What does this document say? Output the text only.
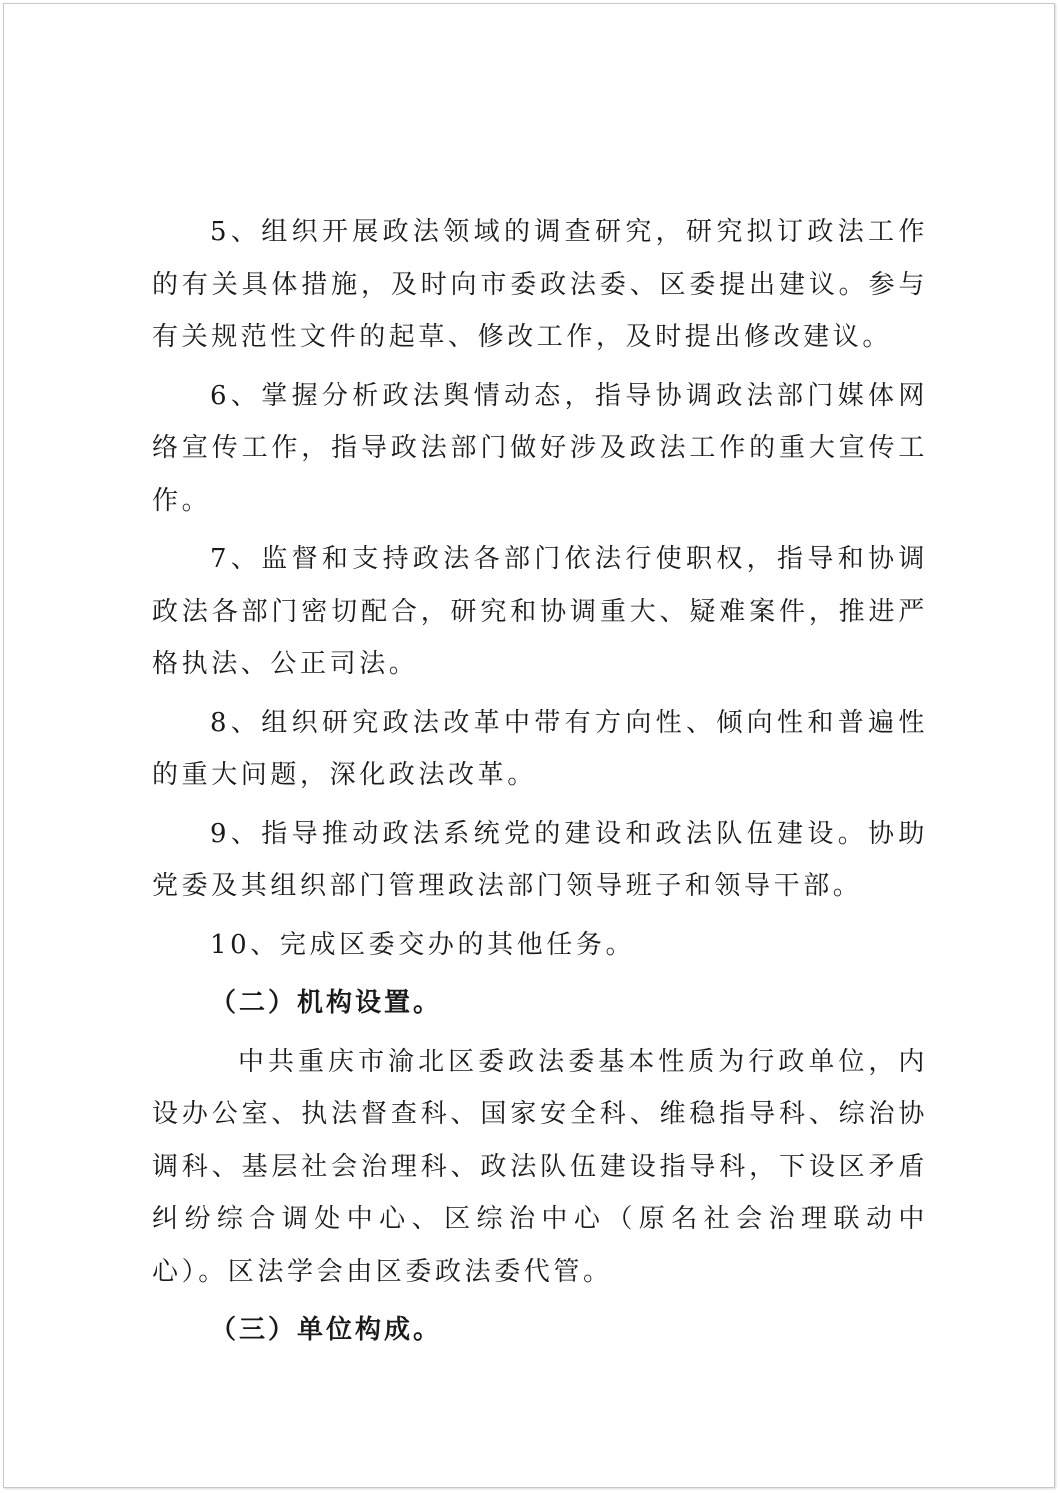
5、组织开展政法领域的调查研究，研究拟订政法工作的有关具体措施，及时向市委政法委、区委提出建议。参与有关规范性文件的起草、修改工作，及时提出修改建议。

6、掌握分析政法舆情动态，指导协调政法部门媒体网络宣传工作，指导政法部门做好涉及政法工作的重大宣传工作。

7、监督和支持政法各部门依法行使职权，指导和协调政法各部门密切配合，研究和协调重大、疑难案件，推进严格执法、公正司法。

8、组织研究政法改革中带有方向性、倾向性和普遍性的重大问题，深化政法改革。

9、指导推动政法系统党的建设和政法队伍建设。协助党委及其组织部门管理政法部门领导班子和领导干部。

10、完成区委交办的其他任务。

（二）机构设置。

中共重庆市渝北区委政法委基本性质为行政单位，内设办公室、执法督查科、国家安全科、维稳指导科、综治协调科、基层社会治理科、政法队伍建设指导科，下设区矛盾纠纷综合调处中心、区综治中心（原名社会治理联动中心）。区法学会由区委政法委代管。

（三）单位构成。
